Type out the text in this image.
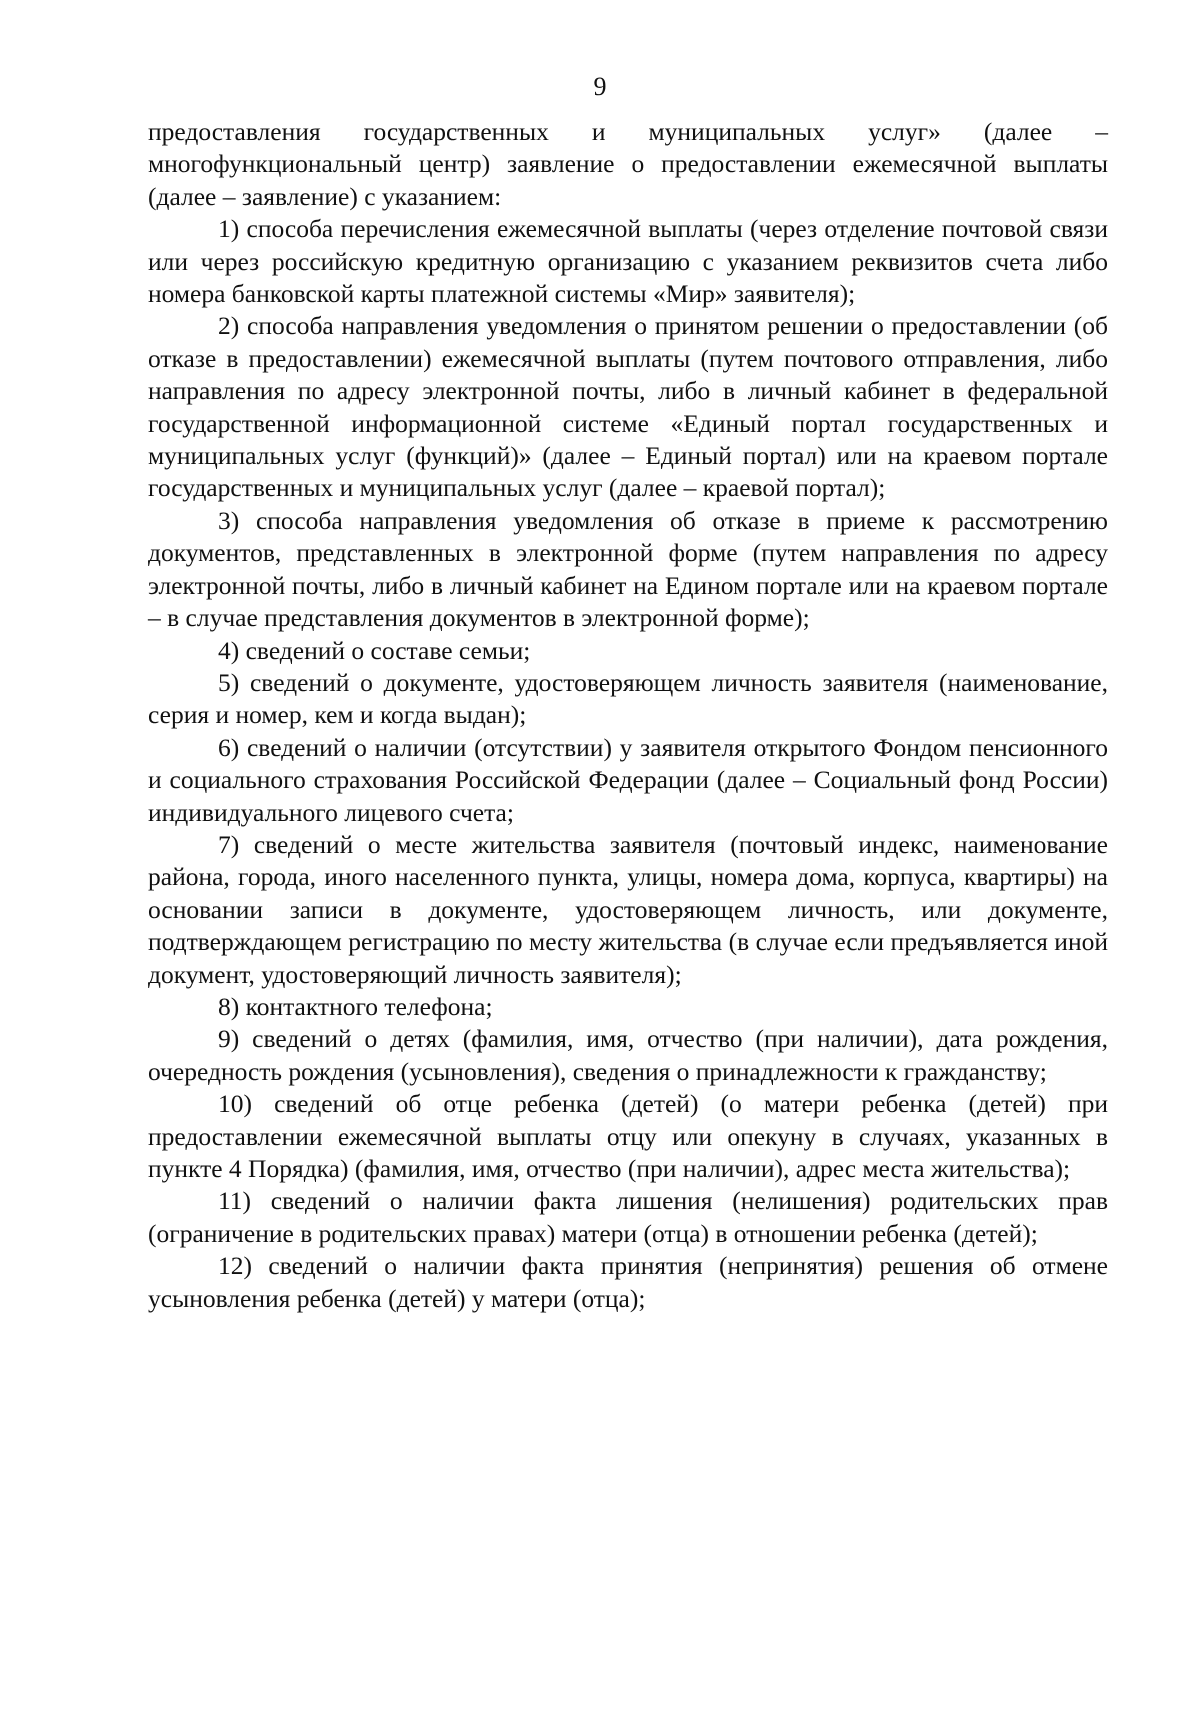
9

предоставления государственных и муниципальных услуг» (далее – многофункциональный центр) заявление о предоставлении ежемесячной выплаты (далее – заявление) с указанием:

1) способа перечисления ежемесячной выплаты (через отделение почтовой связи или через российскую кредитную организацию с указанием реквизитов счета либо номера банковской карты платежной системы «Мир» заявителя);

2) способа направления уведомления о принятом решении о предоставлении (об отказе в предоставлении) ежемесячной выплаты (путем почтового отправления, либо направления по адресу электронной почты, либо в личный кабинет в федеральной государственной информационной системе «Единый портал государственных и муниципальных услуг (функций)» (далее – Единый портал) или на краевом портале государственных и муниципальных услуг (далее – краевой портал);

3) способа направления уведомления об отказе в приеме к рассмотрению документов, представленных в электронной форме (путем направления по адресу электронной почты, либо в личный кабинет на Едином портале или на краевом портале – в случае представления документов в электронной форме);

4) сведений о составе семьи;

5) сведений о документе, удостоверяющем личность заявителя (наименование, серия и номер, кем и когда выдан);

6) сведений о наличии (отсутствии) у заявителя открытого Фондом пенсионного и социального страхования Российской Федерации (далее – Социальный фонд России) индивидуального лицевого счета;

7) сведений о месте жительства заявителя (почтовый индекс, наименование района, города, иного населенного пункта, улицы, номера дома, корпуса, квартиры) на основании записи в документе, удостоверяющем личность, или документе, подтверждающем регистрацию по месту жительства (в случае если предъявляется иной документ, удостоверяющий личность заявителя);

8) контактного телефона;

9) сведений о детях (фамилия, имя, отчество (при наличии), дата рождения, очередность рождения (усыновления), сведения о принадлежности к гражданству;

10) сведений об отце ребенка (детей) (о матери ребенка (детей) при предоставлении ежемесячной выплаты отцу или опекуну в случаях, указанных в пункте 4 Порядка) (фамилия, имя, отчество (при наличии), адрес места жительства);

11) сведений о наличии факта лишения (нелишения) родительских прав (ограничение в родительских правах) матери (отца) в отношении ребенка (детей);

12) сведений о наличии факта принятия (непринятия) решения об отмене усыновления ребенка (детей) у матери (отца);
